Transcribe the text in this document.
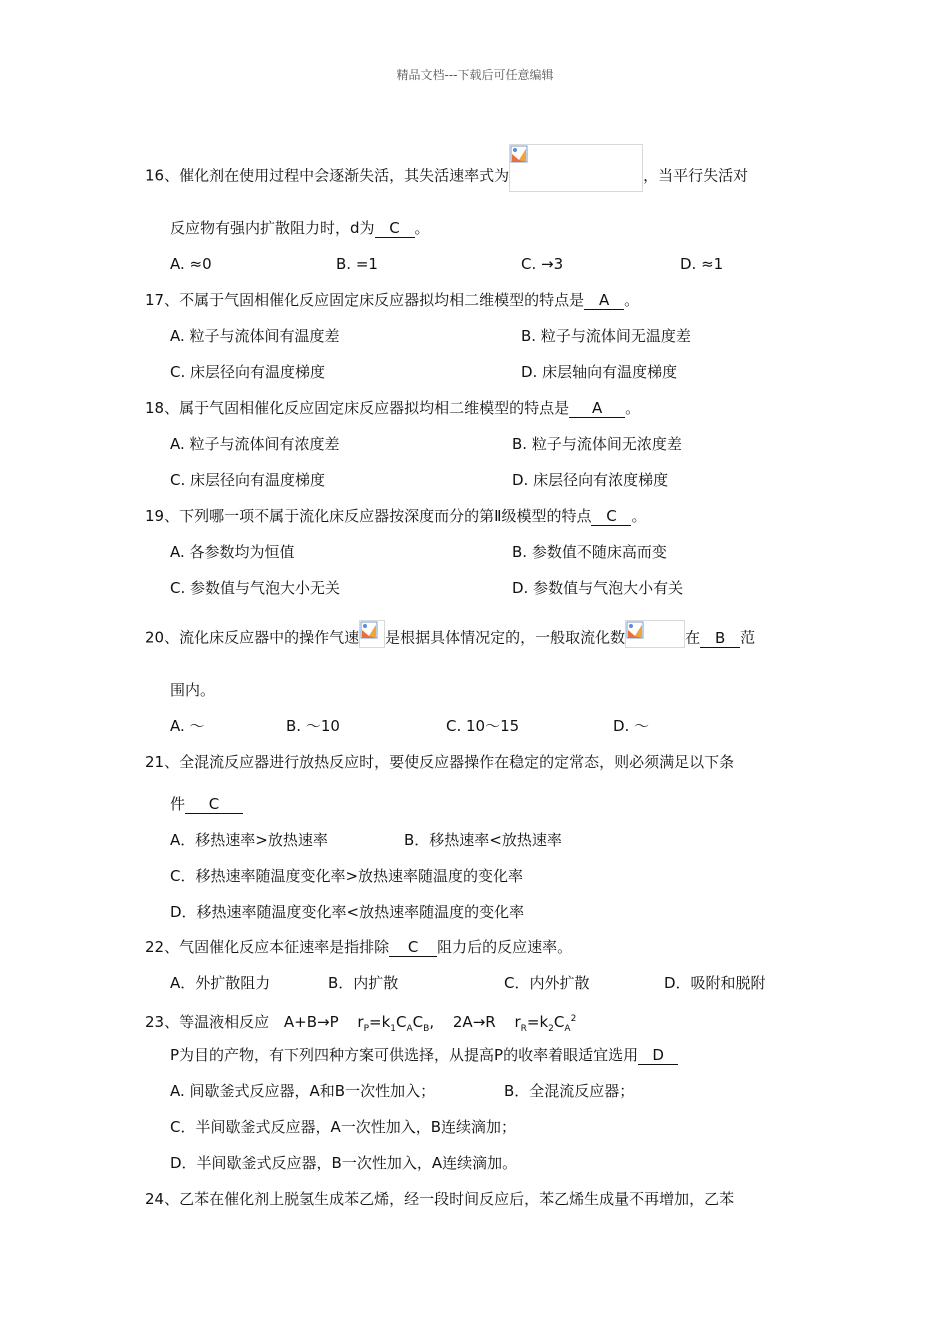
精品文档---下载后可任意编辑
16、催化剂在使用过程中会逐渐失活，其失活速率式为	，当平行失活对
反应物有强内扩散阻力时，d为 C 。
A. ≈0	B. =1	C. →3	D. ≈1
17、不属于气固相催化反应固定床反应器拟均相二维模型的特点是 A 。
A. 粒子与流体间有温度差	B. 粒子与流体间无温度差
C. 床层径向有温度梯度	D. 床层轴向有温度梯度
18、属于气固相催化反应固定床反应器拟均相二维模型的特点是 A 。
A. 粒子与流体间有浓度差	B. 粒子与流体间无浓度差
C. 床层径向有温度梯度	D. 床层径向有浓度梯度
19、下列哪一项不属于流化床反应器按深度而分的第Ⅱ级模型的特点 C 。
A. 各参数均为恒值	B. 参数值不随床高而变
C. 参数值与气泡大小无关	D. 参数值与气泡大小有关
20、流化床反应器中的操作气速 是根据具体情况定的，一般取流化数	在 B 范
围内。
A. ～	B. ～10	C. 10～15	D. ～
21、全混流反应器进行放热反应时，要使反应器操作在稳定的定常态，则必须满足以下条
件 C
A．移热速率>放热速率	B．移热速率<放热速率
C．移热速率随温度变化率>放热速率随温度的变化率
D．移热速率随温度变化率<放热速率随温度的变化率
22、气固催化反应本征速率是指排除 C 阻力后的反应速率。
A．外扩散阻力	B．内扩散	C．内外扩散	D．吸附和脱附
23、等温液相反应 A+B→P $r_P=k_1C_AC_B$, 2A→R $r_R=k_2C_A^2$
P为目的产物，有下列四种方案可供选择，从提高P的收率着眼适宜选用 D
A. 间歇釜式反应器，A和B一次性加入；	B．全混流反应器；
C．半间歇釜式反应器，A一次性加入，B连续滴加；
D．半间歇釜式反应器，B一次性加入，A连续滴加。
24、乙苯在催化剂上脱氢生成苯乙烯，经一段时间反应后，苯乙烯生成量不再增加，乙苯
